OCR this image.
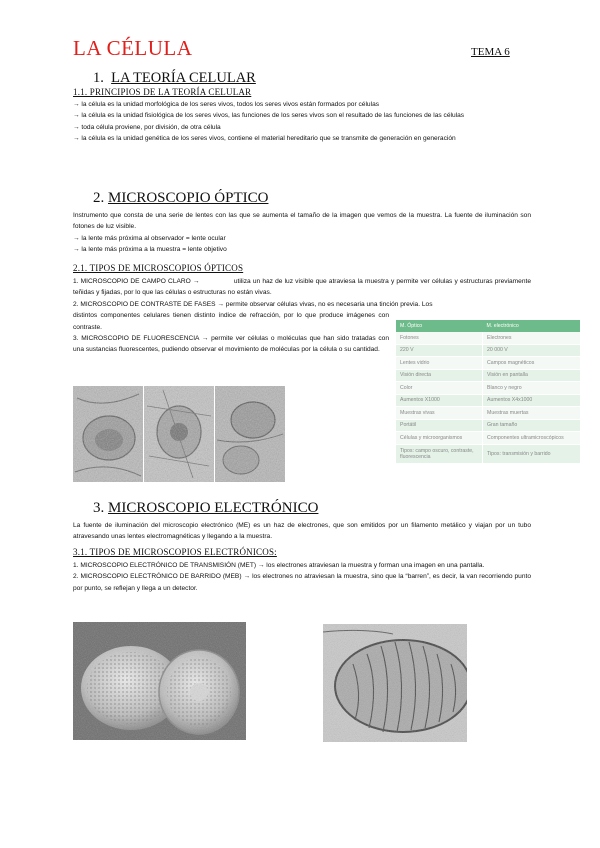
LA CÉLULA	TEMA 6
1. LA TEORÍA CELULAR
1.1. PRINCIPIOS DE LA TEORÍA CELULAR

→ la célula es la unidad morfológica de los seres vivos, todos los seres vivos están formados por células

→ la célula es la unidad fisiológica de los seres vivos, las funciones de los seres vivos son el resultado de las funciones de las células

→ toda célula proviene, por división, de otra célula

→ la célula es la unidad genética de los seres vivos, contiene el material hereditario que se transmite de generación en generación

2. MICROSCOPIO ÓPTICO

Instrumento que consta de una serie de lentes con las que se aumenta el tamaño de la imagen que vemos de la muestra. La fuente de iluminación son fotones de luz visible.

→ la lente más próxima al observador = lente ocular

→ la lente más próxima a la muestra = lente objetivo

2.1. TIPOS DE MICROSCOPIOS ÓPTICOS

1. MICROSCOPIO DE CAMPO CLARO →	utiliza un haz de luz visible que atraviesa la muestra y permite ver células y estructuras previamente teñidas y fijadas, por lo que las células o estructuras no están vivas.

2. MICROSCOPIO DE CONTRASTE DE FASES → permite observar células vivas, no es necesaria una tinción previa. Los

distintos componentes celulares tienen distinto índice de refracción, por lo que produce imágenes con contraste.

3. MICROSCOPIO DE FLUORESCENCIA → permite ver células o moléculas que han sido tratadas con una sustancias fluorescentes, pudiendo observar el movimiento de moléculas por la célula o su cantidad.

M. Óptico	M. electrónico
Fotones	Electrones
220 V	20 000 V
Lentes vidrio	Campos magnéticos
Visión directa	Visión en pantalla
Color	Blanco y negro
Aumentos X1000	Aumentos X4x1000
Muestras vivas	Muestras muertas
Portátil	Gran tamaño
Células y microorganismos	Componentes ultramicroscópicos
Tipos: campo oscuro, contraste, fluorescencia	Tipos: transmisión y barrido
3. MICROSCOPIO ELECTRÓNICO

La fuente de iluminación del microscopio electrónico (ME) es un haz de electrones, que son emitidos por un filamento metálico y viajan por un tubo atravesando unas lentes electromagnéticas y llegando a la muestra.

3.1. TIPOS DE MICROSCOPIOS ELECTRÓNICOS:

1. MICROSCOPIO ELECTRÓNICO DE TRANSMISIÓN (MET) → los electrones atraviesan la muestra y forman una imagen en una pantalla.

2. MICROSCOPIO ELECTRÓNICO DE BARRIDO (MEB) → los electrones no atraviesan la muestra, sino que la “barren”, es decir, la van recorriendo punto por punto, se reflejan y llega a un detector.
